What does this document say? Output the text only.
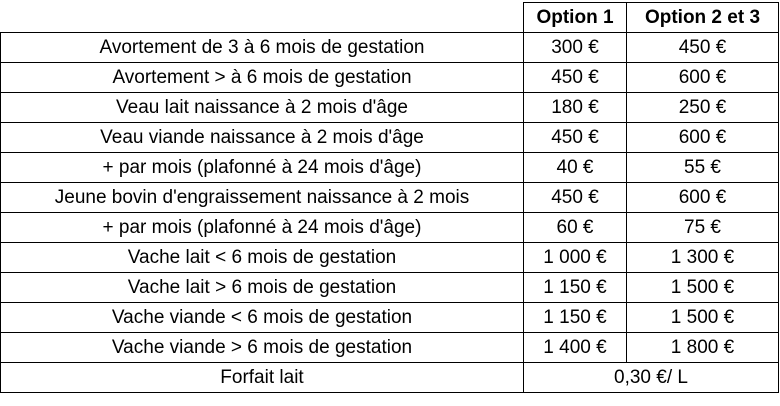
	Option 1	Option 2 et 3
Avortement de 3 à 6 mois de gestation	300 €	450 €
Avortement > à 6 mois de gestation	450 €	600 €
Veau lait naissance à 2 mois d'âge	180 €	250 €
Veau viande naissance à 2 mois d'âge	450 €	600 €
+ par mois (plafonné à 24 mois d'âge)	40 €	55 €
Jeune bovin d'engraissement naissance à 2 mois	450 €	600 €
+ par mois (plafonné à 24 mois d'âge)	60 €	75 €
Vache lait < 6 mois de gestation	1 000 €	1 300 €
Vache lait > 6 mois de gestation	1 150 €	1 500 €
Vache viande < 6 mois de gestation	1 150 €	1 500 €
Vache viande > 6 mois de gestation	1 400 €	1 800 €
Forfait lait	0,30 €/ L	
